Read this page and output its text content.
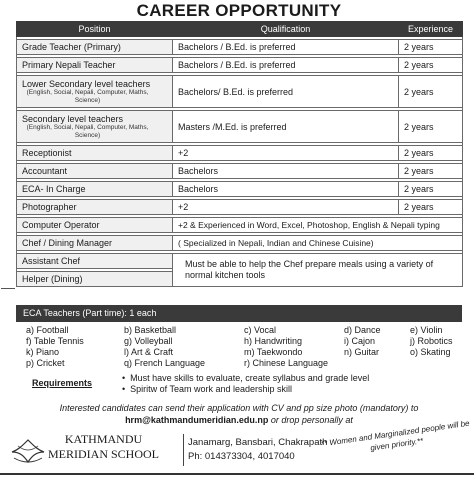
CAREER OPPORTUNITY
Position	Qualification	Experience

Grade Teacher (Primary)	Bachelors / B.Ed. is preferred	2 years

Primary Nepali Teacher	Bachelors / B.Ed. is preferred	2 years

Lower Secondary level teachers
(English, Social, Nepali, Computer, Maths, Science)	Bachelors/ B.Ed. is preferred	2 years

Secondary level teachers
(English, Social, Nepali, Computer, Maths, Science)	Masters /M.Ed. is preferred	2 years

Receptionist	+2	2 years

Accountant	Bachelors	2 years

ECA- In Charge	Bachelors	2 years

Photographer	+2	2 years

Computer Operator	+2 & Experienced in Word, Excel, Photoshop, English & Nepali typing	

Chef / Dining Manager	( Specialized in Nepali, Indian and Chinese Cuisine)	

Assistant Chef	Must be able to help the Chef prepare meals using a variety of normal kitchen tools	

Helper (Dining)		
ECA Teachers (Part time): 1 each
a) Football	b) Basketball	c) Vocal	d) Dance	e) Violin
f) Table Tennis	g) Volleyball	h) Handwriting	i) Cajon	j) Robotics
k) Piano	l) Art & Craft	m) Taekwondo	n) Guitar	o) Skating
p) Cricket	q) French Language	r) Chinese Language
Requirements	• Must have skills to evaluate, create syllabus and grade level
• Spiritw of Team work and leadership skill
Interested candidates can send their application with CV and pp size photo (mandatory) to
hrm@kathmandumeridian.edu.np or drop personally at
Janamarg, Bansbari, Chakrapath
Ph: 014373304, 4017040
** Women and Marginalized people will be given priority.**
KATHMANDU
MERIDIAN SCHOOL
